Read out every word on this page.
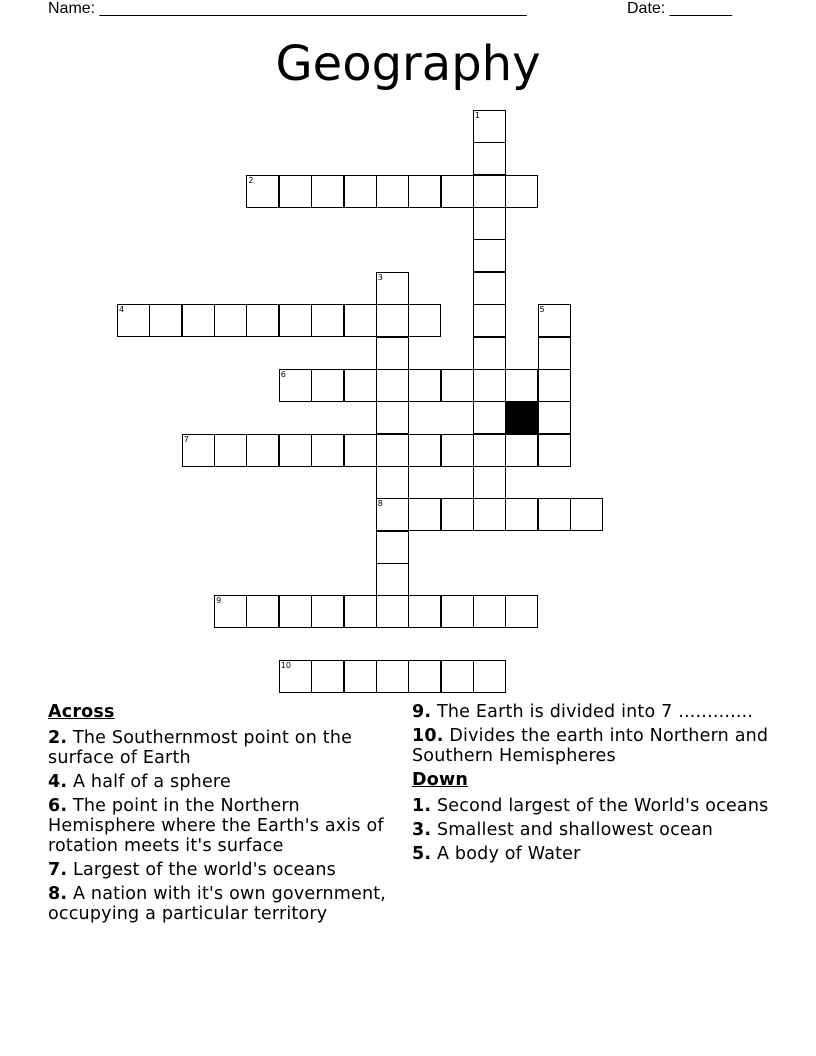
Name: ________________________________________________	Date: _______
Geography
1
2
3
8
4	5
6
7
9
10
Across
2. The Southernmost point on the surface of Earth
4. A half of a sphere
6. The point in the Northern Hemisphere where the Earth's axis of rotation meets it's surface
7. Largest of the world's oceans
8. A nation with it's own government, occupying a particular territory
9. The Earth is divided into 7 .............
10. Divides the earth into Northern and Southern Hemispheres
Down
1. Second largest of the World's oceans
3. Smallest and shallowest ocean
5. A body of Water
